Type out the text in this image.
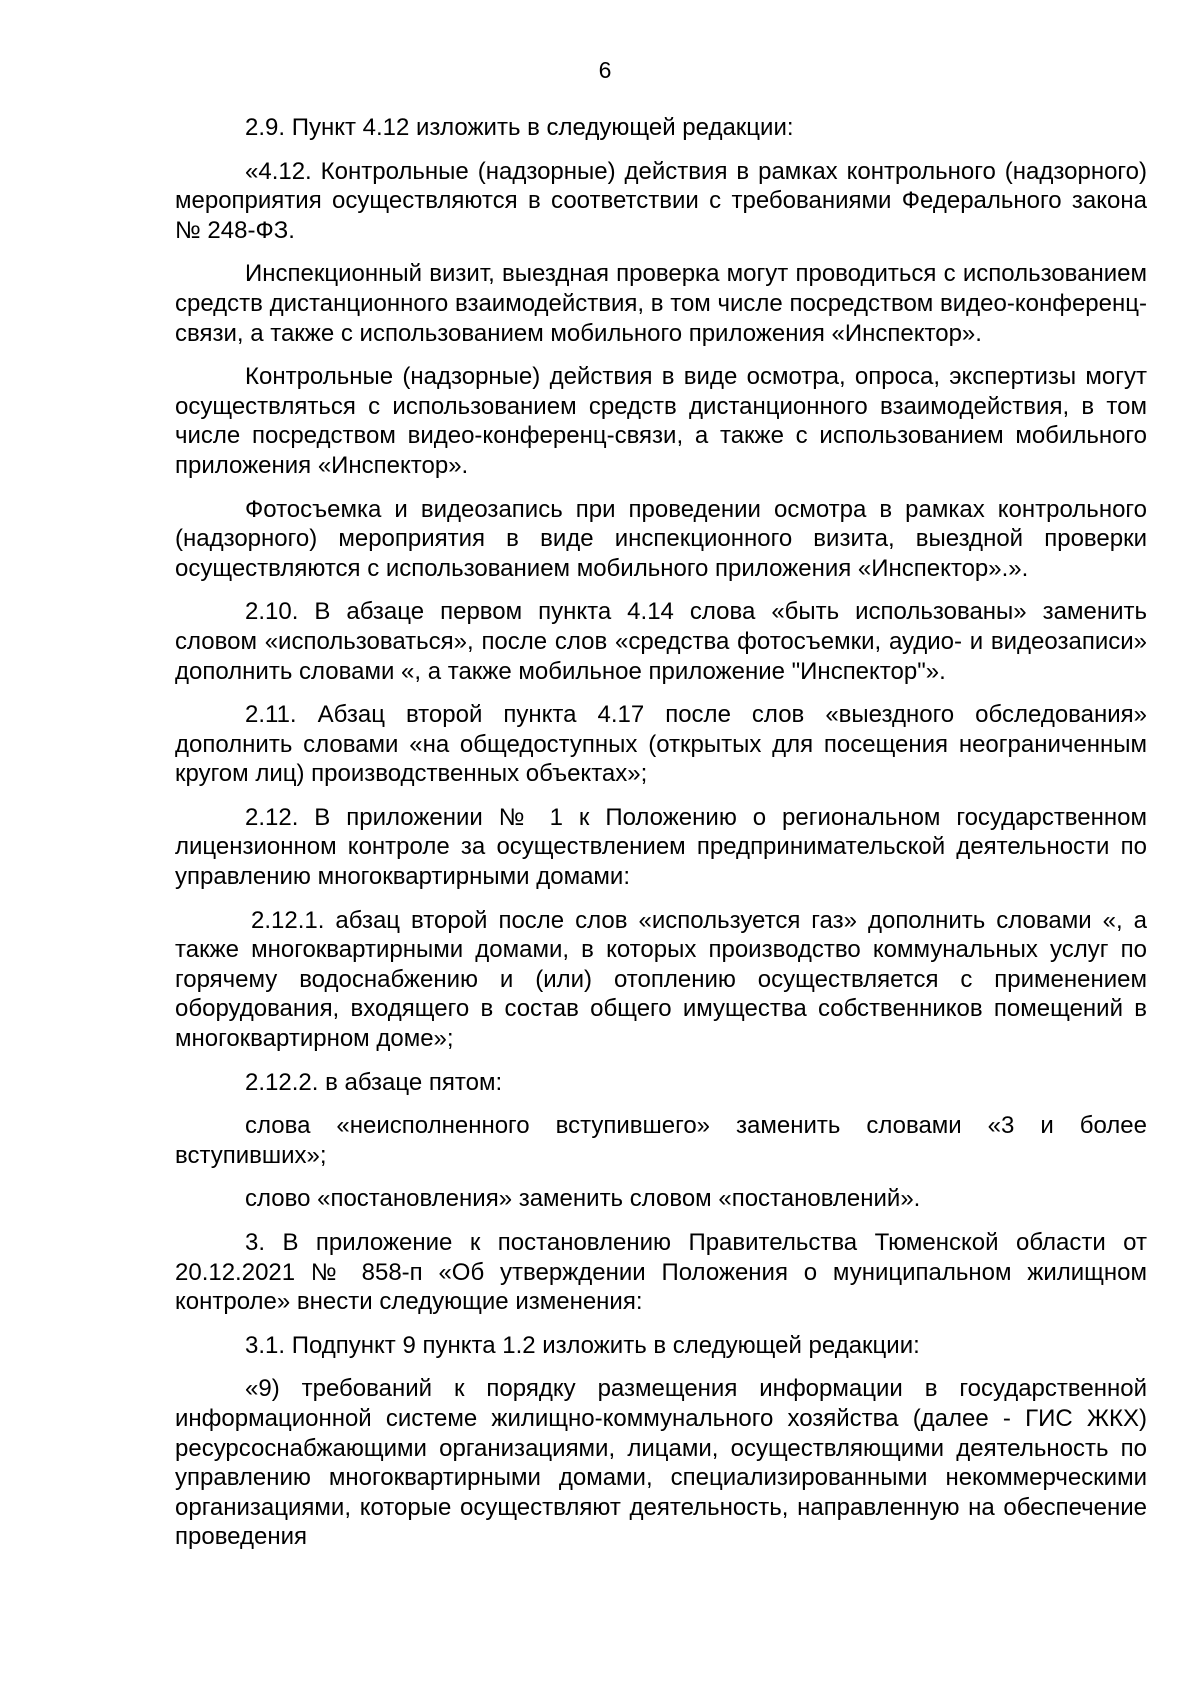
6

2.9. Пункт 4.12 изложить в следующей редакции:

«4.12. Контрольные (надзорные) действия в рамках контрольного (надзорного) мероприятия осуществляются в соответствии с требованиями Федерального закона № 248-ФЗ.

Инспекционный визит, выездная проверка могут проводиться с использованием средств дистанционного взаимодействия, в том числе посредством видео-конференц-связи, а также с использованием мобильного приложения «Инспектор».

Контрольные (надзорные) действия в виде осмотра, опроса, экспертизы могут осуществляться с использованием средств дистанционного взаимодействия, в том числе посредством видео-конференц-связи, а также с использованием мобильного приложения «Инспектор».

Фотосъемка и видеозапись при проведении осмотра в рамках контрольного (надзорного) мероприятия в виде инспекционного визита, выездной проверки осуществляются с использованием мобильного приложения «Инспектор».».

2.10. В абзаце первом пункта 4.14 слова «быть использованы» заменить словом «использоваться», после слов «средства фотосъемки, аудио- и видеозаписи» дополнить словами «, а также мобильное приложение "Инспектор"».

2.11. Абзац второй пункта 4.17 после слов «выездного обследования» дополнить словами «на общедоступных (открытых для посещения неограниченным кругом лиц) производственных объектах»;

2.12. В приложении № 1 к Положению о региональном государственном лицензионном контроле за осуществлением предпринимательской деятельности по управлению многоквартирными домами:

2.12.1. абзац второй после слов «используется газ» дополнить словами «, а также многоквартирными домами, в которых производство коммунальных услуг по горячему водоснабжению и (или) отоплению осуществляется с применением оборудования, входящего в состав общего имущества собственников помещений в многоквартирном доме»;

2.12.2. в абзаце пятом:

слова «неисполненного вступившего» заменить словами «3 и более вступивших»;

слово «постановления» заменить словом «постановлений».

3. В приложение к постановлению Правительства Тюменской области от 20.12.2021 № 858-п «Об утверждении Положения о муниципальном жилищном контроле» внести следующие изменения:

3.1. Подпункт 9 пункта 1.2 изложить в следующей редакции:

«9) требований к порядку размещения информации в государственной информационной системе жилищно-коммунального хозяйства (далее - ГИС ЖКХ) ресурсоснабжающими организациями, лицами, осуществляющими деятельность по управлению многоквартирными домами, специализированными некоммерческими организациями, которые осуществляют деятельность, направленную на обеспечение проведения
